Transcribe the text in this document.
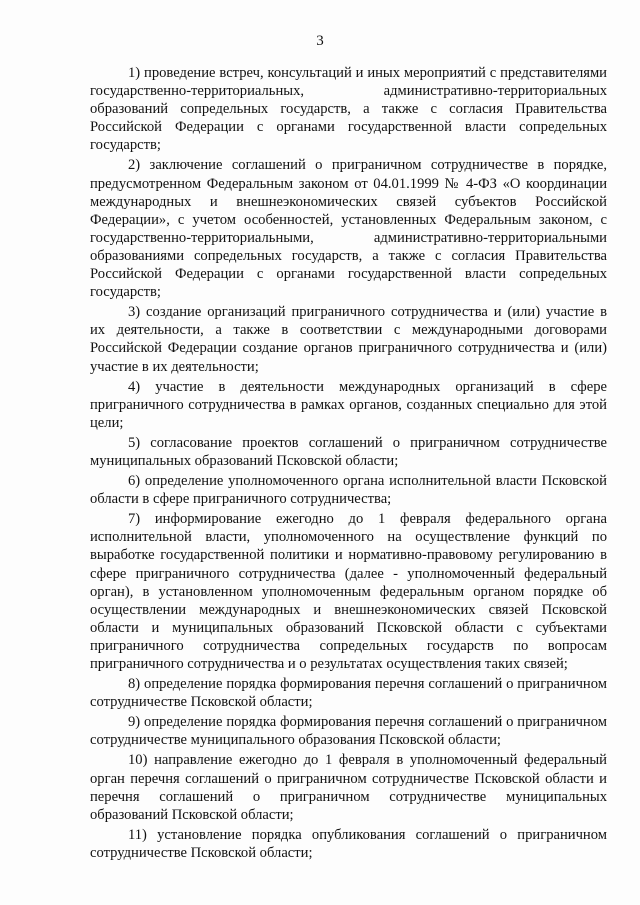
3

1) проведение встреч, консультаций и иных мероприятий с представителями государственно-территориальных, административно-территориальных образований сопредельных государств, а также с согласия Правительства Российской Федерации с органами государственной власти сопредельных государств;

2) заключение соглашений о приграничном сотрудничестве в порядке, предусмотренном Федеральным законом от 04.01.1999 № 4-ФЗ «О координации международных и внешнеэкономических связей субъектов Российской Федерации», с учетом особенностей, установленных Федеральным законом, с государственно-территориальными, административно-территориальными образованиями сопредельных государств, а также с согласия Правительства Российской Федерации с органами государственной власти сопредельных государств;

3) создание организаций приграничного сотрудничества и (или) участие в их деятельности, а также в соответствии с международными договорами Российской Федерации создание органов приграничного сотрудничества и (или) участие в их деятельности;

4) участие в деятельности международных организаций в сфере приграничного сотрудничества в рамках органов, созданных специально для этой цели;

5) согласование проектов соглашений о приграничном сотрудничестве муниципальных образований Псковской области;

6) определение уполномоченного органа исполнительной власти Псковской области в сфере приграничного сотрудничества;

7) информирование ежегодно до 1 февраля федерального органа исполнительной власти, уполномоченного на осуществление функций по выработке государственной политики и нормативно-правовому регулированию в сфере приграничного сотрудничества (далее - уполномоченный федеральный орган), в установленном уполномоченным федеральным органом порядке об осуществлении международных и внешнеэкономических связей Псковской области и муниципальных образований Псковской области с субъектами приграничного сотрудничества сопредельных государств по вопросам приграничного сотрудничества и о результатах осуществления таких связей;

8) определение порядка формирования перечня соглашений о приграничном сотрудничестве Псковской области;

9) определение порядка формирования перечня соглашений о приграничном сотрудничестве муниципального образования Псковской области;

10) направление ежегодно до 1 февраля в уполномоченный федеральный орган перечня соглашений о приграничном сотрудничестве Псковской области и перечня соглашений о приграничном сотрудничестве муниципальных образований Псковской области;

11) установление порядка опубликования соглашений о приграничном сотрудничестве Псковской области;
